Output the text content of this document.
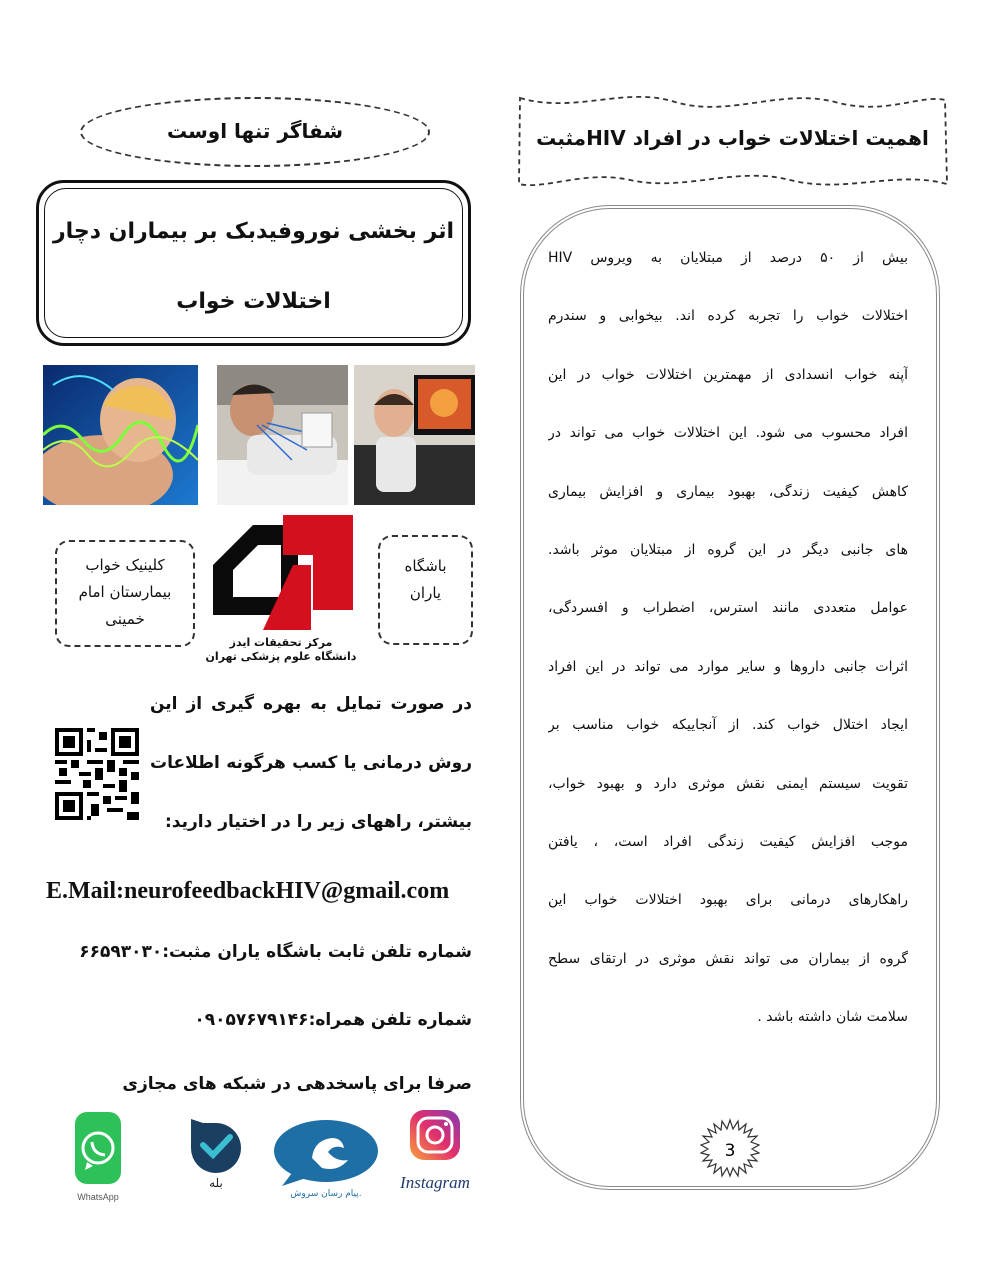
اهمیت اختلالات خواب در افراد HIVمثبت
بیش از ۵۰ درصد از مبتلایان به ویروس HIV
اختلالات خواب را تجربه کرده اند. بیخوابی و سندرم
آپنه خواب انسدادی از مهمترین اختلالات خواب در این
افراد محسوب می شود. این اختلالات خواب می تواند در
کاهش کیفیت زندگی، بهبود بیماری و افزایش بیماری
های جانبی دیگر در این گروه از مبتلایان موثر باشد.
عوامل متعددی مانند استرس، اضطراب و افسردگی،
اثرات جانبی داروها و سایر موارد می تواند در این افراد
ایجاد اختلال خواب کند. از آنجاییکه خواب مناسب بر
تقویت سیستم ایمنی نقش موثری دارد و بهبود خواب،
موجب افزایش کیفیت زندگی افراد است، ، یافتن
راهکارهای درمانی برای بهبود اختلالات خواب این
گروه از بیماران می تواند نقش موثری در ارتقای سطح
سلامت شان داشته باشد .
3
شفاگر تنها اوست
اثر بخشی نوروفیدبک بر بیماران دچار
اختلالات خواب
کلینیک خواب
بیمارستان امام
خمینی
باشگاه
یاران
مرکز تحقیقات ایدز
دانشگاه علوم پزشکی تهران
در صورت تمایل به بهره گیری از این
روش درمانی یا کسب هرگونه اطلاعات
بیشتر، راههای زیر را در اختیار دارید:
E.Mail:neurofeedbackHIV@gmail.com
شماره تلفن ثابت باشگاه یاران مثبت:۶۶۵۹۳۰۳۰
شماره تلفن همراه:۰۹۰۵۷۶۷۹۱۴۶
صرفا برای پاسخدهی در شبکه های مجازی
WhatsApp
بله
پیام رسان سروش.
Instagram
